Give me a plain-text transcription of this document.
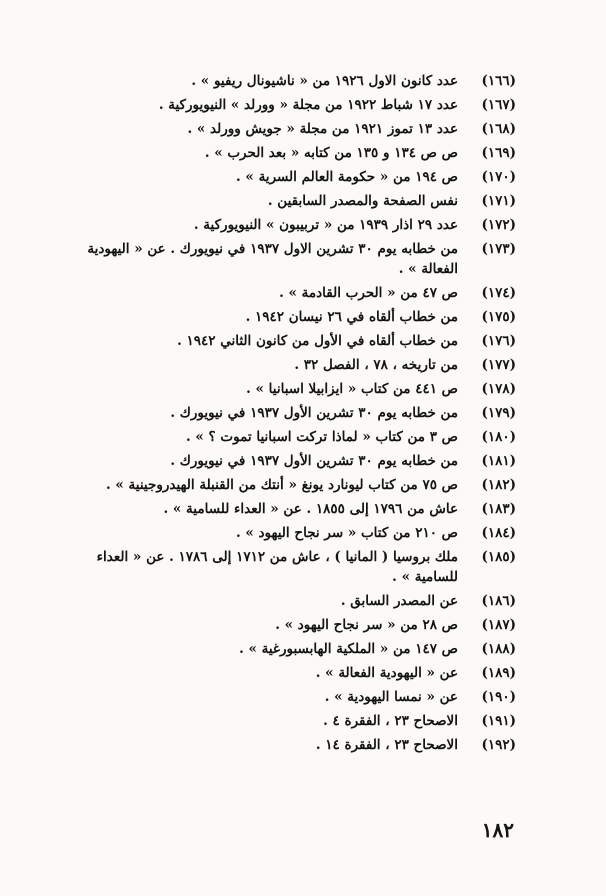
(١٦٦)
عدد كانون الاول ١٩٢٦ من « ناشيونال ريفيو » .
(١٦٧)
عدد ١٧ شباط ١٩٢٢ من مجلة « وورلد » النيويوركية .
(١٦٨)
عدد ١٣ تموز ١٩٢١ من مجلة « جويش وورلد » .
(١٦٩)
ص ص ١٣٤ و ١٣٥ من كتابه « بعد الحرب » .
(١٧٠)
ص ١٩٤ من « حكومة العالم السرية » .
(١٧١)
نفس الصفحة والمصدر السابقين .
(١٧٢)
عدد ٢٩ اذار ١٩٣٩ من « تربيبون » النيويوركية .
(١٧٣)
من خطابه يوم ٣٠ تشرين الاول ١٩٣٧ في نيويورك . عن « اليهودية الفعالة » .
(١٧٤)
ص ٤٧ من « الحرب القادمة » .
(١٧٥)
من خطاب ألقاه في ٢٦ نيسان ١٩٤٢ .
(١٧٦)
من خطاب ألقاه في الأول من كانون الثاني ١٩٤٢ .
(١٧٧)
من تاريخه ، ٧٨ ، الفصل ٣٢ .
(١٧٨)
ص ٤٤١ من كتاب « ايزابيلا اسبانيا » .
(١٧٩)
من خطابه يوم ٣٠ تشرين الأول ١٩٣٧ في نيويورك .
(١٨٠)
ص ٣ من كتاب « لماذا تركت اسبانيا تموت ؟ » .
(١٨١)
من خطابه يوم ٣٠ تشرين الأول ١٩٣٧ في نيويورك .
(١٨٢)
ص ٧٥ من كتاب ليونارد يونغ « أنتك من القنبلة الهيدروجينية » .
(١٨٣)
عاش من ١٧٩٦ إلى ١٨٥٥ . عن « العداء للسامية » .
(١٨٤)
ص ٢١٠ من كتاب « سر نجاح اليهود » .
(١٨٥)
ملك بروسيا ( المانيا ) ، عاش من ١٧١٢ إلى ١٧٨٦ . عن « العداء للسامية » .
(١٨٦)
عن المصدر السابق .
(١٨٧)
ص ٢٨ من « سر نجاح اليهود » .
(١٨٨)
ص ١٤٧ من « الملكية الهابسبورغية » .
(١٨٩)
عن « اليهودية الفعالة » .
(١٩٠)
عن « نمسا اليهودية » .
(١٩١)
الاصحاح ٢٣ ، الفقرة ٤ .
(١٩٢)
الاصحاح ٢٣ ، الفقرة ١٤ .
١٨٢
